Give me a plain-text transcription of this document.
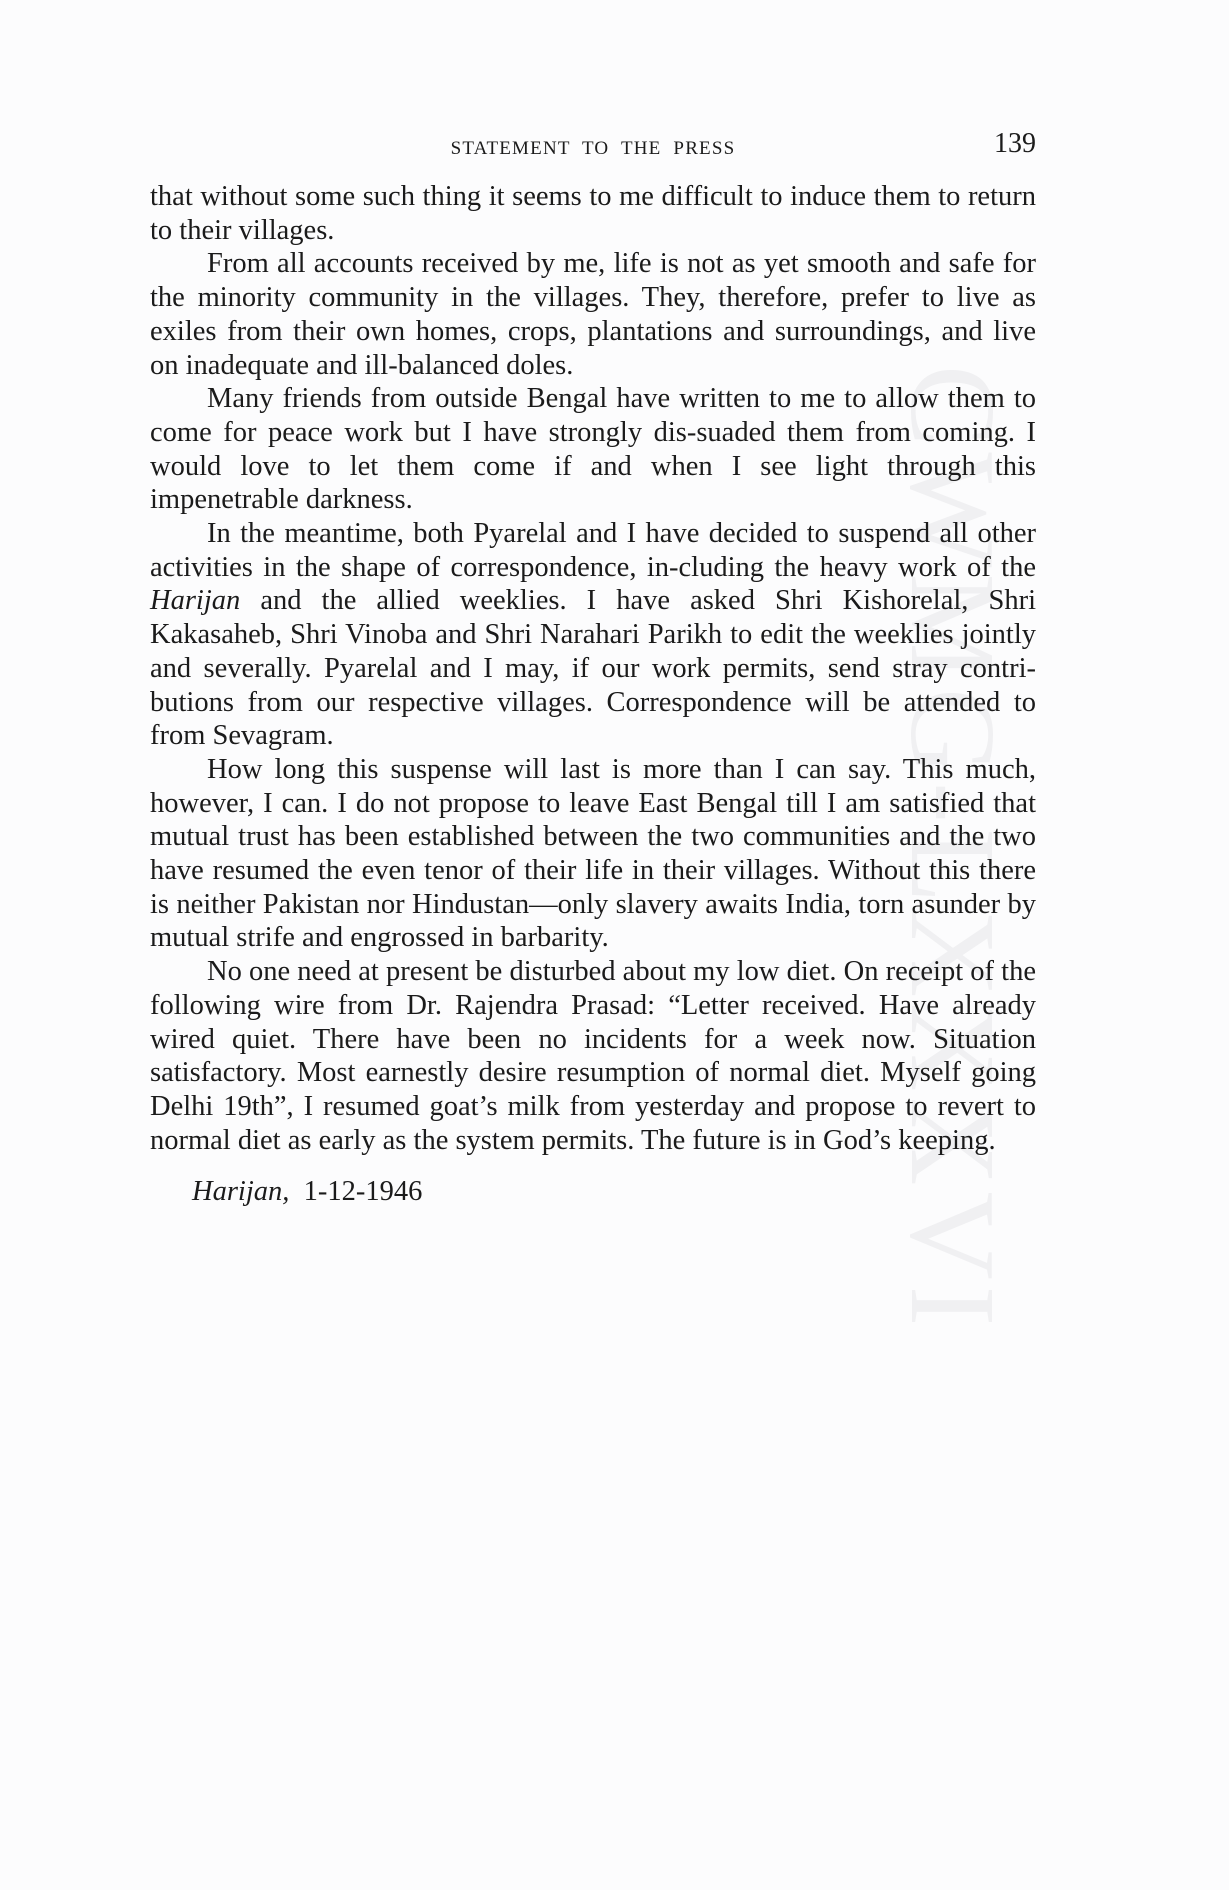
CWMG-LXXXVI
STATEMENT TO THE PRESS	139

that without some such thing it seems to me difficult to induce them to return to their villages.

From all accounts received by me, life is not as yet smooth and safe for the minority community in the villages. They, therefore, prefer to live as exiles from their own homes, crops, plantations and surroundings, and live on inadequate and ill-balanced doles.

Many friends from outside Bengal have written to me to allow them to come for peace work but I have strongly dis-suaded them from coming. I would love to let them come if and when I see light through this impenetrable darkness.

In the meantime, both Pyarelal and I have decided to suspend all other activities in the shape of correspondence, in-cluding the heavy work of the Harijan and the allied weeklies. I have asked Shri Kishorelal, Shri Kakasaheb, Shri Vinoba and Shri Narahari Parikh to edit the weeklies jointly and severally. Pyarelal and I may, if our work permits, send stray contri-butions from our respective villages. Correspondence will be attended to from Sevagram.

How long this suspense will last is more than I can say. This much, however, I can. I do not propose to leave East Bengal till I am satisfied that mutual trust has been established between the two communities and the two have resumed the even tenor of their life in their villages. Without this there is neither Pakistan nor Hindustan—only slavery awaits India, torn asunder by mutual strife and engrossed in barbarity.

No one need at present be disturbed about my low diet. On receipt of the following wire from Dr. Rajendra Prasad: “Letter received. Have already wired quiet. There have been no incidents for a week now. Situation satisfactory. Most earnestly desire resumption of normal diet. Myself going Delhi 19th”, I resumed goat’s milk from yesterday and propose to revert to normal diet as early as the system permits. The future is in God’s keeping.

Harijan, 1-12-1946
